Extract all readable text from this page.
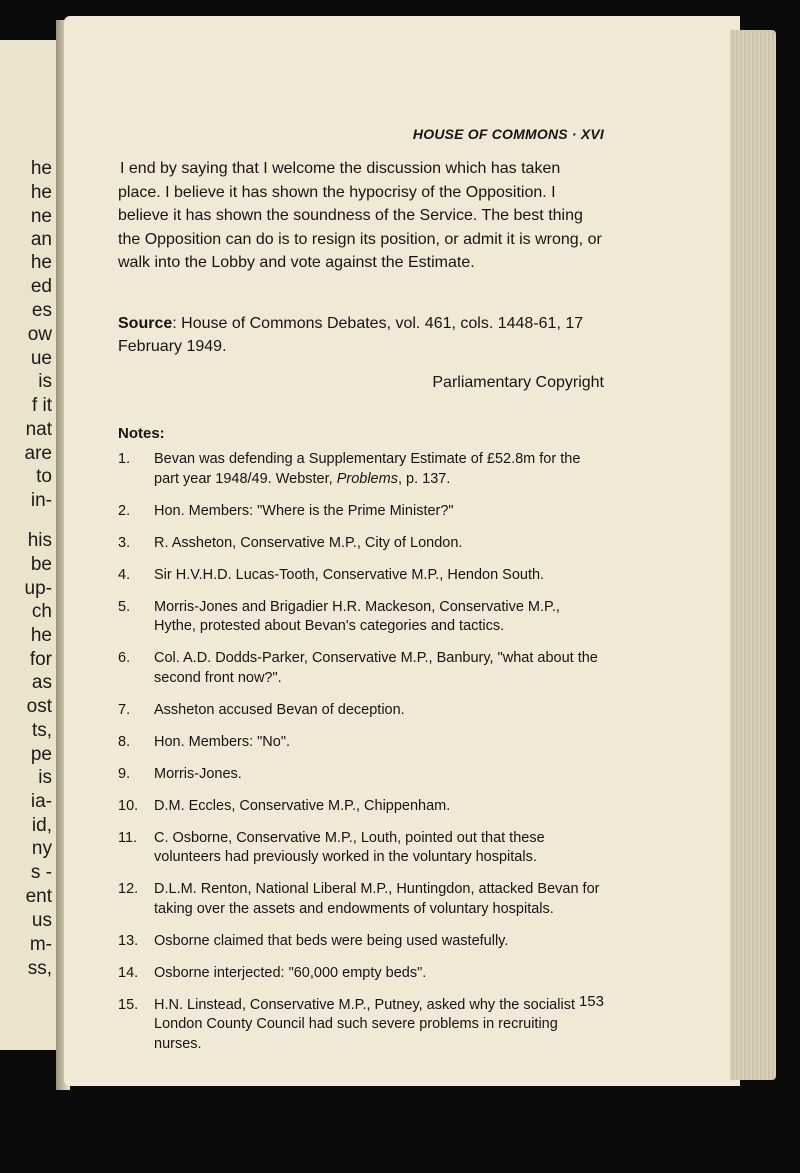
he
he
ne
an
he
ed
es
ow
ue
is
f it
nat
are
to
in-
his
be
up-
ch
he
for
as
ost
ts,
pe
is
ia-
id,
ny
s -
ent
us
m-
ss,
HOUSE OF COMMONS · XVI
I end by saying that I welcome the discussion which has taken place. I believe it has shown the hypocrisy of the Opposition. I believe it has shown the soundness of the Service. The best thing the Opposition can do is to resign its position, or admit it is wrong, or walk into the Lobby and vote against the Estimate.
Source: House of Commons Debates, vol. 461, cols. 1448-61, 17 February 1949.
Parliamentary Copyright
Notes:
1. Bevan was defending a Supplementary Estimate of £52.8m for the part year 1948/49. Webster, Problems, p. 137.
2. Hon. Members: "Where is the Prime Minister?"
3. R. Assheton, Conservative M.P., City of London.
4. Sir H.V.H.D. Lucas-Tooth, Conservative M.P., Hendon South.
5. Morris-Jones and Brigadier H.R. Mackeson, Conservative M.P., Hythe, protested about Bevan's categories and tactics.
6. Col. A.D. Dodds-Parker, Conservative M.P., Banbury, "what about the second front now?".
7. Assheton accused Bevan of deception.
8. Hon. Members: "No".
9. Morris-Jones.
10. D.M. Eccles, Conservative M.P., Chippenham.
11. C. Osborne, Conservative M.P., Louth, pointed out that these volunteers had previously worked in the voluntary hospitals.
12. D.L.M. Renton, National Liberal M.P., Huntingdon, attacked Bevan for taking over the assets and endowments of voluntary hospitals.
13. Osborne claimed that beds were being used wastefully.
14. Osborne interjected: "60,000 empty beds".
15. H.N. Linstead, Conservative M.P., Putney, asked why the socialist London County Council had such severe problems in recruiting nurses.
153
